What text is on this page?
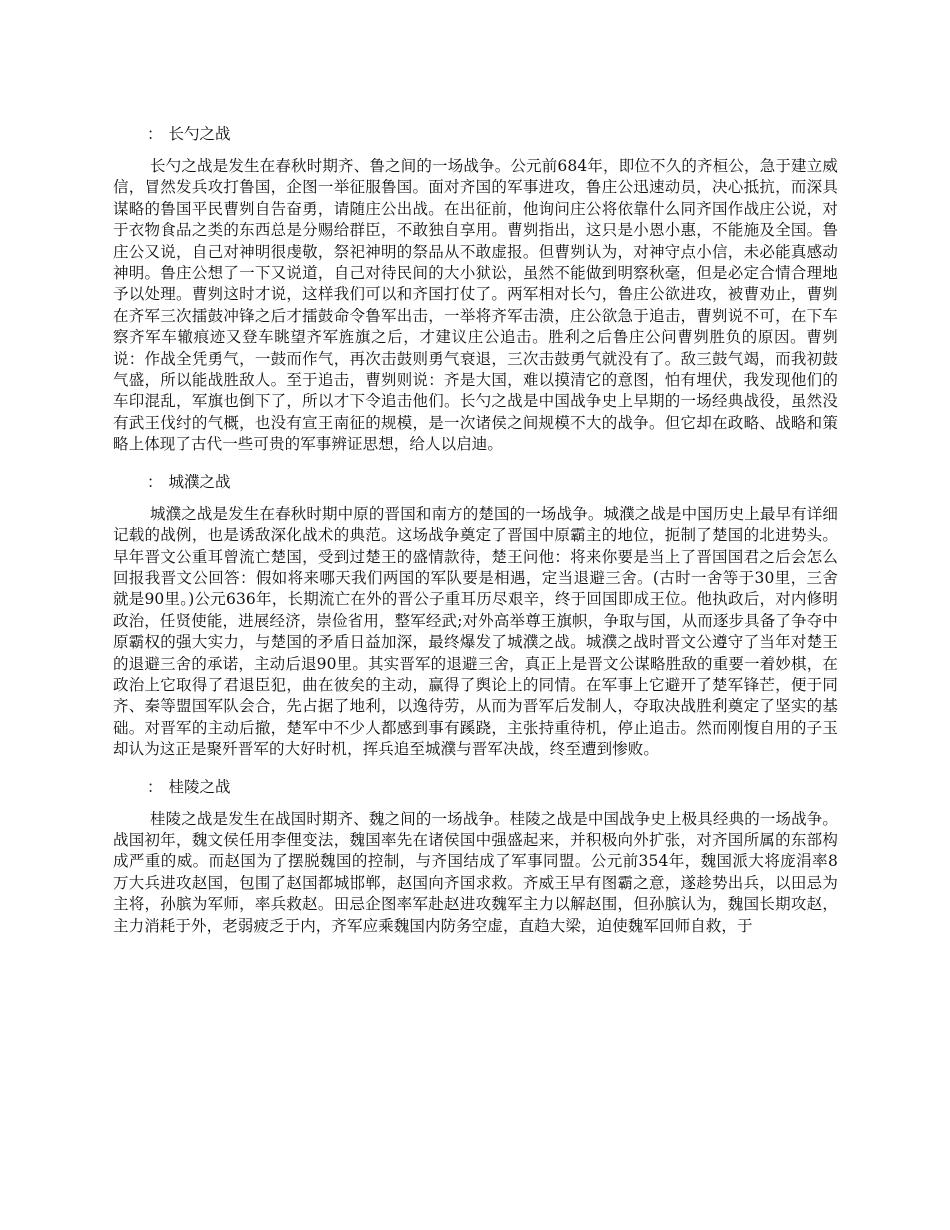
： 长勺之战

长勺之战是发生在春秋时期齐、鲁之间的一场战争。公元前684年，即位不久的齐桓公，急于建立威信，冒然发兵攻打鲁国，企图一举征服鲁国。面对齐国的军事进攻，鲁庄公迅速动员，决心抵抗，而深具谋略的鲁国平民曹刿自告奋勇，请随庄公出战。在出征前，他询问庄公将依靠什么同齐国作战庄公说，对于衣物食品之类的东西总是分赐给群臣，不敢独自享用。曹刿指出，这只是小恩小惠，不能施及全国。鲁庄公又说，自己对神明很虔敬，祭祀神明的祭品从不敢虚报。但曹刿认为，对神守点小信，未必能真感动神明。鲁庄公想了一下又说道，自己对待民间的大小狱讼，虽然不能做到明察秋毫，但是必定合情合理地予以处理。曹刿这时才说，这样我们可以和齐国打仗了。两军相对长勺，鲁庄公欲进攻，被曹劝止，曹刿在齐军三次擂鼓冲锋之后才擂鼓命令鲁军出击，一举将齐军击溃，庄公欲急于追击，曹刿说不可，在下车察齐军车辙痕迹又登车眺望齐军旌旗之后，才建议庄公追击。胜利之后鲁庄公问曹刿胜负的原因。曹刿说：作战全凭勇气，一鼓而作气，再次击鼓则勇气衰退，三次击鼓勇气就没有了。敌三鼓气竭，而我初鼓气盛，所以能战胜敌人。至于追击，曹刿则说：齐是大国，难以摸清它的意图，怕有埋伏，我发现他们的车印混乱，军旗也倒下了，所以才下令追击他们。长勺之战是中国战争史上早期的一场经典战役，虽然没有武王伐纣的气概，也没有宣王南征的规模，是一次诸侯之间规模不大的战争。但它却在政略、战略和策略上体现了古代一些可贵的军事辨证思想，给人以启迪。

： 城濮之战

城濮之战是发生在春秋时期中原的晋国和南方的楚国的一场战争。城濮之战是中国历史上最早有详细记载的战例，也是诱敌深化战术的典范。这场战争奠定了晋国中原霸主的地位，扼制了楚国的北进势头。早年晋文公重耳曾流亡楚国，受到过楚王的盛情款待，楚王问他：将来你要是当上了晋国国君之后会怎么回报我晋文公回答：假如将来哪天我们两国的军队要是相遇，定当退避三舍。(古时一舍等于30里，三舍就是90里。)公元636年，长期流亡在外的晋公子重耳历尽艰辛，终于回国即成王位。他执政后，对内修明政治，任贤使能，进展经济，崇俭省用，整军经武;对外高举尊王旗帜，争取与国，从而逐步具备了争夺中原霸权的强大实力，与楚国的矛盾日益加深，最终爆发了城濮之战。城濮之战时晋文公遵守了当年对楚王的退避三舍的承诺，主动后退90里。其实晋军的退避三舍，真正上是晋文公谋略胜敌的重要一着妙棋，在政治上它取得了君退臣犯，曲在彼矣的主动，赢得了舆论上的同情。在军事上它避开了楚军锋芒，便于同齐、秦等盟国军队会合，先占据了地利，以逸待劳，从而为晋军后发制人，夺取决战胜利奠定了坚实的基础。对晋军的主动后撤，楚军中不少人都感到事有蹊跷，主张持重待机，停止追击。然而刚愎自用的子玉却认为这正是聚歼晋军的大好时机，挥兵追至城濮与晋军决战，终至遭到惨败。

： 桂陵之战

桂陵之战是发生在战国时期齐、魏之间的一场战争。桂陵之战是中国战争史上极具经典的一场战争。战国初年，魏文侯任用李俚变法，魏国率先在诸侯国中强盛起来，并积极向外扩张，对齐国所属的东部构成严重的威。而赵国为了摆脱魏国的控制，与齐国结成了军事同盟。公元前354年，魏国派大将庞涓率8万大兵进攻赵国，包围了赵国都城邯郸，赵国向齐国求救。齐威王早有图霸之意，遂趁势出兵，以田忌为主将，孙膑为军师，率兵救赵。田忌企图率军赴赵进攻魏军主力以解赵围，但孙膑认为，魏国长期攻赵，主力消耗于外，老弱疲乏于内，齐军应乘魏国内防务空虚，直趋大梁，迫使魏军回师自救，于
